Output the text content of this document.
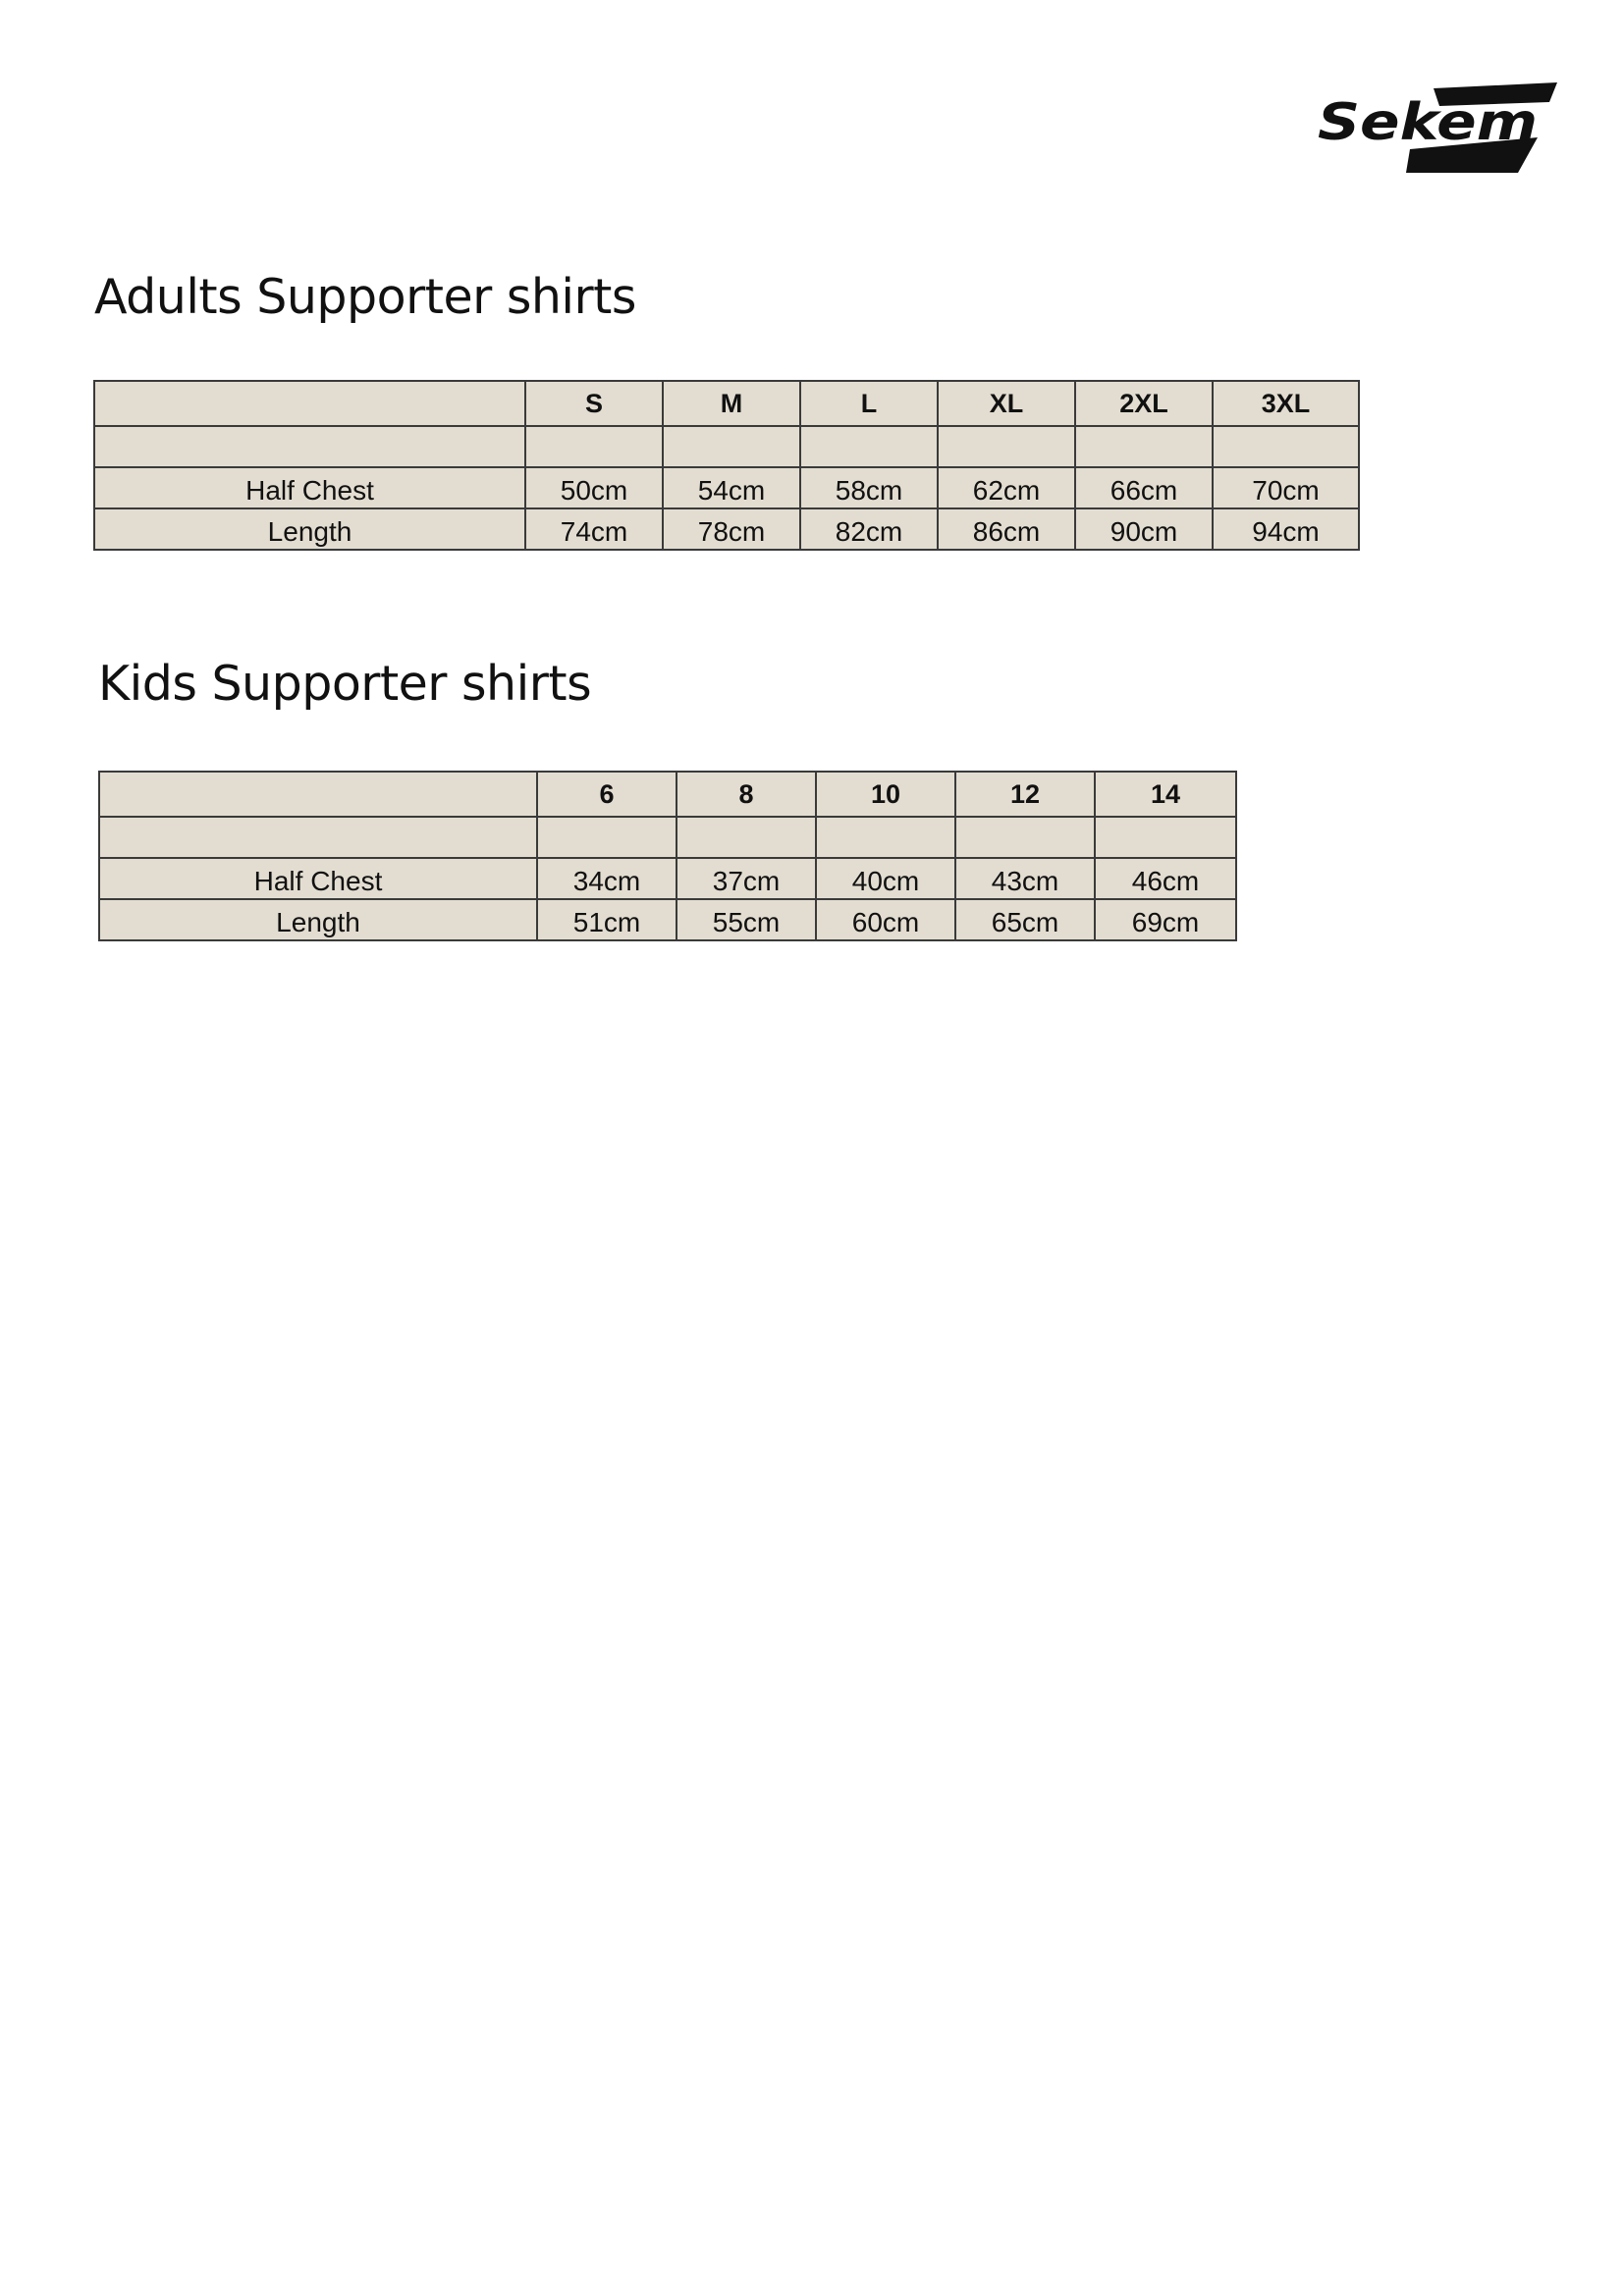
Sekem
Adults Supporter shirts
	S	M	L	XL	2XL	3XL

Half Chest	50cm	54cm	58cm	62cm	66cm	70cm
Length	74cm	78cm	82cm	86cm	90cm	94cm
Kids Supporter shirts
	6	8	10	12	14

Half Chest	34cm	37cm	40cm	43cm	46cm
Length	51cm	55cm	60cm	65cm	69cm
